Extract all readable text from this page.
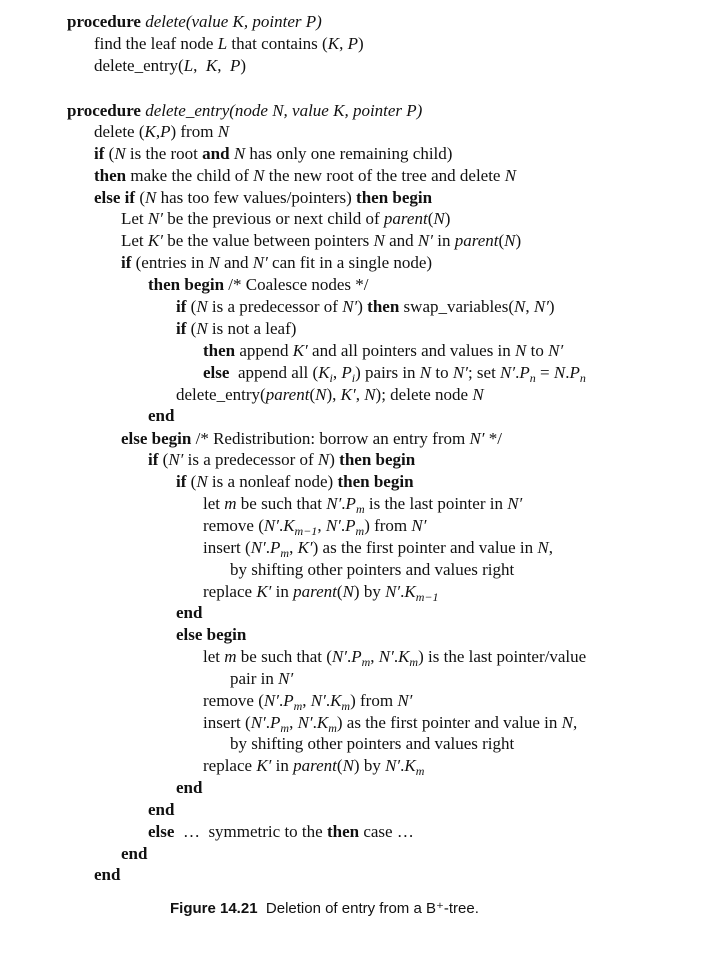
procedure delete(value K, pointer P)
find the leaf node L that contains (K, P)
delete_entry(L,  K,  P)
procedure delete_entry(node N, value K, pointer P)
delete (K,P) from N
if (N is the root and N has only one remaining child)
then make the child of N the new root of the tree and delete N
else if (N has too few values/pointers) then begin
Let N′ be the previous or next child of parent(N)
Let K′ be the value between pointers N and N′ in parent(N)
if (entries in N and N′ can fit in a single node)
then begin /* Coalesce nodes */
if (N is a predecessor of N′) then swap_variables(N, N′)
if (N is not a leaf)
then append K′ and all pointers and values in N to N′
else  append all ($K_i$, $P_i$) pairs in N to N′; set $N'.P_n = N.P_n$
delete_entry(parent(N), K′, N); delete node N
end
else begin /* Redistribution: borrow an entry from N′ */
if (N′ is a predecessor of N) then begin
if (N is a nonleaf node) then begin
let m be such that $N'.P_m$ is the last pointer in N′
remove ($N'.K_{m-1}$, $N'.P_m$) from N′
insert ($N'.P_m$, K′) as the first pointer and value in N,
by shifting other pointers and values right
replace K′ in parent(N) by $N'.K_{m-1}$
end
else begin
let m be such that ($N'.P_m$, $N'.K_m$) is the last pointer/value
pair in N′
remove ($N'.P_m$, $N'.K_m$) from N′
insert ($N'.P_m$, $N'.K_m$) as the first pointer and value in N,
by shifting other pointers and values right
replace K′ in parent(N) by $N'.K_m$
end
end
else  …  symmetric to the then case …
end
end
Figure 14.21 Deletion of entry from a B⁺-tree.
